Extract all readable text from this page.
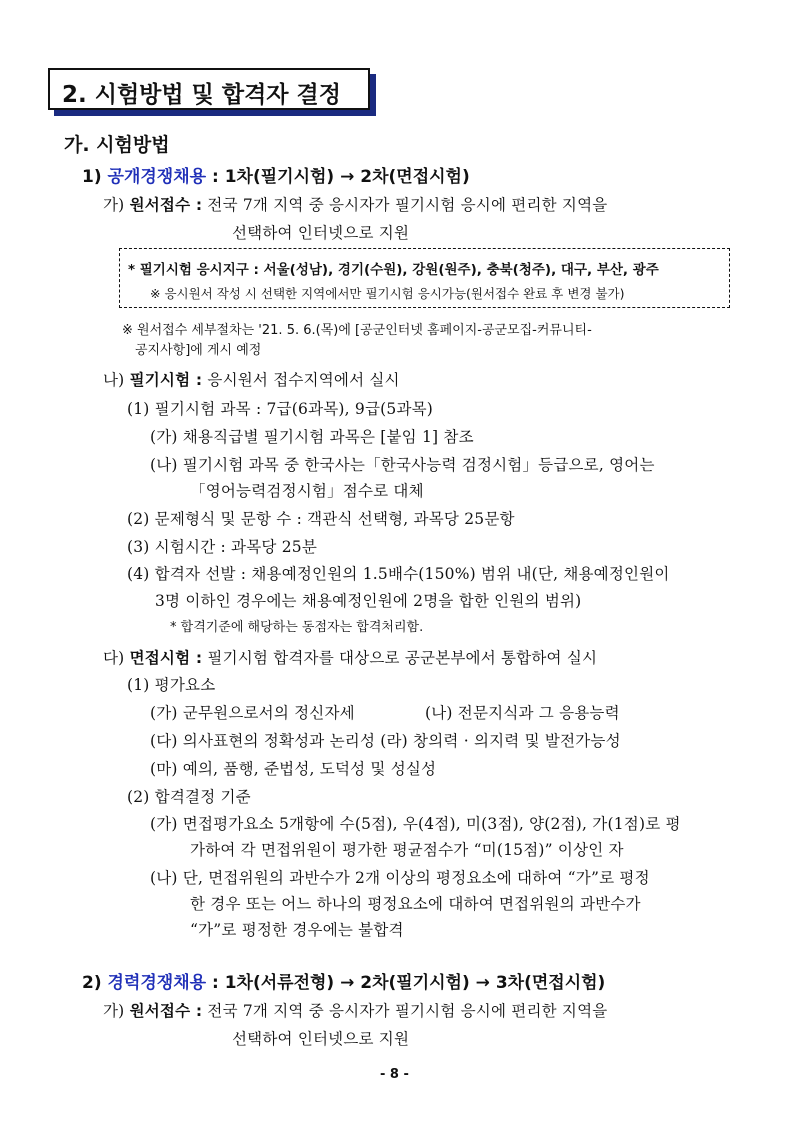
2. 시험방법 및 합격자 결정
가. 시험방법
1) 공개경쟁채용 : 1차(필기시험) → 2차(면접시험)
가) 원서접수 : 전국 7개 지역 중 응시자가 필기시험 응시에 편리한 지역을
선택하여 인터넷으로 지원
* 필기시험 응시지구 : 서울(성남), 경기(수원), 강원(원주), 충북(청주), 대구, 부산, 광주
※ 응시원서 작성 시 선택한 지역에서만 필기시험 응시가능(원서접수 완료 후 변경 불가)
※ 원서접수 세부절차는 '21. 5. 6.(목)에 [공군인터넷 홈페이지-공군모집-커뮤니티-
공지사항]에 게시 예정
나) 필기시험 : 응시원서 접수지역에서 실시
(1) 필기시험 과목 : 7급(6과목), 9급(5과목)
(가) 채용직급별 필기시험 과목은 [붙임 1] 참조
(나) 필기시험 과목 중 한국사는「한국사능력 검정시험」등급으로, 영어는
「영어능력검정시험」점수로 대체
(2) 문제형식 및 문항 수 : 객관식 선택형, 과목당 25문항
(3) 시험시간 : 과목당 25분
(4) 합격자 선발 : 채용예정인원의 1.5배수(150%) 범위 내(단, 채용예정인원이
3명 이하인 경우에는 채용예정인원에 2명을 합한 인원의 범위)
* 합격기준에 해당하는 동점자는 합격처리함.
다) 면접시험 : 필기시험 합격자를 대상으로 공군본부에서 통합하여 실시
(1) 평가요소
(가) 군무원으로서의 정신자세	(나) 전문지식과 그 응용능력
(다) 의사표현의 정확성과 논리성 (라) 창의력 · 의지력 및 발전가능성
(마) 예의, 품행, 준법성, 도덕성 및 성실성
(2) 합격결정 기준
(가) 면접평가요소 5개항에 수(5점), 우(4점), 미(3점), 양(2점), 가(1점)로 평
가하여 각 면접위원이 평가한 평균점수가 “미(15점)” 이상인 자
(나) 단, 면접위원의 과반수가 2개 이상의 평정요소에 대하여 “가”로 평정
한 경우 또는 어느 하나의 평정요소에 대하여 면접위원의 과반수가
“가”로 평정한 경우에는 불합격
2) 경력경쟁채용 : 1차(서류전형) → 2차(필기시험) → 3차(면접시험)
가) 원서접수 : 전국 7개 지역 중 응시자가 필기시험 응시에 편리한 지역을
선택하여 인터넷으로 지원
- 8 -
